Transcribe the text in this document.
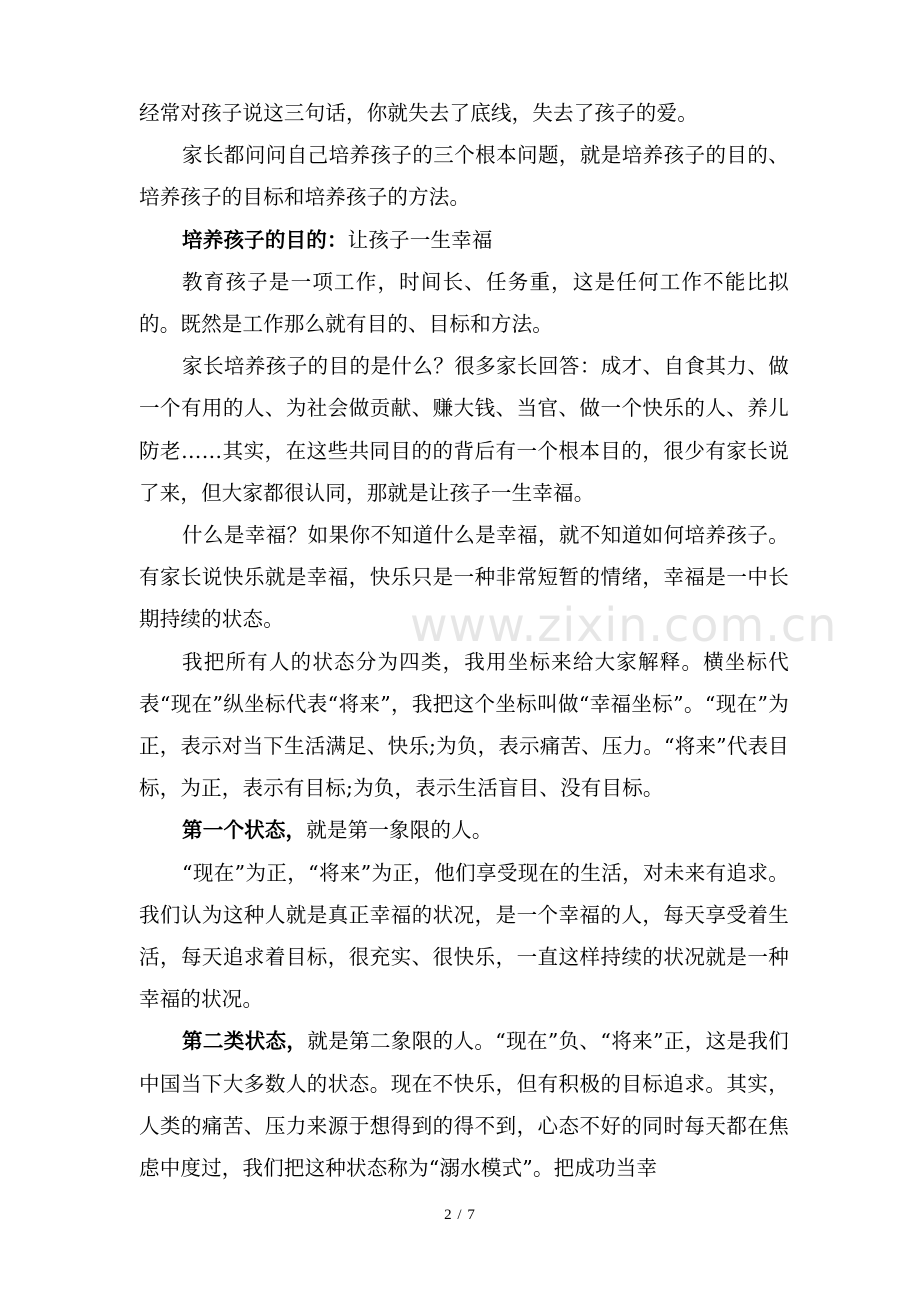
www.zixin.com.cn

经常对孩子说这三句话，你就失去了底线，失去了孩子的爱。

家长都问问自己培养孩子的三个根本问题，就是培养孩子的目的、培养孩子的目标和培养孩子的方法。

培养孩子的目的：让孩子一生幸福

教育孩子是一项工作，时间长、任务重，这是任何工作不能比拟的。既然是工作那么就有目的、目标和方法。

家长培养孩子的目的是什么？很多家长回答：成才、自食其力、做一个有用的人、为社会做贡献、赚大钱、当官、做一个快乐的人、养儿防老……其实，在这些共同目的的背后有一个根本目的，很少有家长说了来，但大家都很认同，那就是让孩子一生幸福。

什么是幸福？如果你不知道什么是幸福，就不知道如何培养孩子。有家长说快乐就是幸福，快乐只是一种非常短暂的情绪，幸福是一中长期持续的状态。

我把所有人的状态分为四类，我用坐标来给大家解释。横坐标代表“现在”纵坐标代表“将来”，我把这个坐标叫做“幸福坐标”。“现在”为正，表示对当下生活满足、快乐;为负，表示痛苦、压力。“将来”代表目标，为正，表示有目标;为负，表示生活盲目、没有目标。

第一个状态，就是第一象限的人。

“现在”为正，“将来”为正，他们享受现在的生活，对未来有追求。我们认为这种人就是真正幸福的状况，是一个幸福的人，每天享受着生活，每天追求着目标，很充实、很快乐，一直这样持续的状况就是一种幸福的状况。

第二类状态，就是第二象限的人。“现在”负、“将来”正，这是我们中国当下大多数人的状态。现在不快乐，但有积极的目标追求。其实，人类的痛苦、压力来源于想得到的得不到，心态不好的同时每天都在焦虑中度过，我们把这种状态称为“溺水模式”。把成功当幸

2 / 7
